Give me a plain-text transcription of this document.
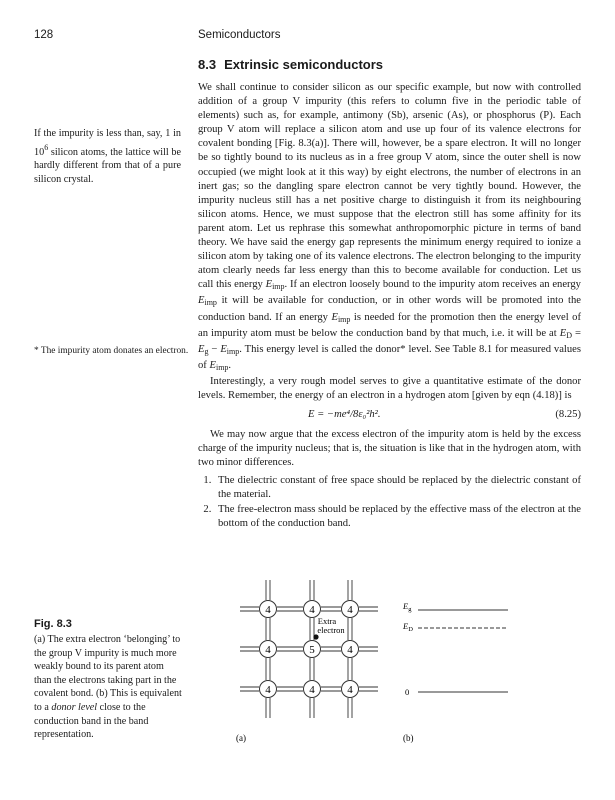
128	Semiconductors
8.3 Extrinsic semiconductors

We shall continue to consider silicon as our specific example, but now with controlled addition of a group V impurity (this refers to column five in the periodic table of elements) such as, for example, antimony (Sb), arsenic (As), or phosphorus (P). Each group V atom will replace a silicon atom and use up four of its valence electrons for covalent bonding [Fig. 8.3(a)]. There will, however, be a spare electron. It will no longer be so tightly bound to its nucleus as in a free group V atom, since the outer shell is now occupied (we might look at it this way) by eight electrons, the number of electrons in an inert gas; so the dangling spare electron cannot be very tightly bound. However, the impurity nucleus still has a net positive charge to distinguish it from its neighbouring silicon atoms. Hence, we must suppose that the electron still has some affinity for its parent atom. Let us rephrase this somewhat anthropomorphic picture in terms of band theory. We have said the energy gap represents the minimum energy required to ionize a silicon atom by taking one of its valence electrons. The electron belonging to the impurity atom clearly needs far less energy than this to become available for conduction. Let us call this energy $E_{imp}$. If an electron loosely bound to the impurity atom receives an energy $E_{imp}$ it will be available for conduction, or in other words will be promoted into the conduction band. If an energy $E_{imp}$ is needed for the promotion then the energy level of an impurity atom must be below the conduction band by that much, i.e. it will be at $E_D = E_g - E_{imp}$. This energy level is called the donor* level. See Table 8.1 for measured values of $E_{imp}$.

Interestingly, a very rough model serves to give a quantitative estimate of the donor levels. Remember, the energy of an electron in a hydrogen atom [given by eqn (4.18)] is

E = −me⁴/8ε₀²h².	(8.25)

We may now argue that the excess electron of the impurity atom is held by the excess charge of the impurity nucleus; that is, the situation is like that in the hydrogen atom, with two minor differences.

1. The dielectric constant of free space should be replaced by the dielectric constant of the material.
2. The free-electron mass should be replaced by the effective mass of the electron at the bottom of the conduction band.
If the impurity is less than, say, 1 in $10^6$ silicon atoms, the lattice will be hardly different from that of a pure silicon crystal.
* The impurity atom donates an electron.
Fig. 8.3
(a) The extra electron ‘belonging’ to the group V impurity is much more weakly bound to its parent atom than the electrons taking part in the covalent bond. (b) This is equivalent to a donor level close to the conduction band in the band representation.
4	4	4
4	5	4
4	4	4
Extra
electron
$E_g$
$E_D$
0
(a)	(b)
